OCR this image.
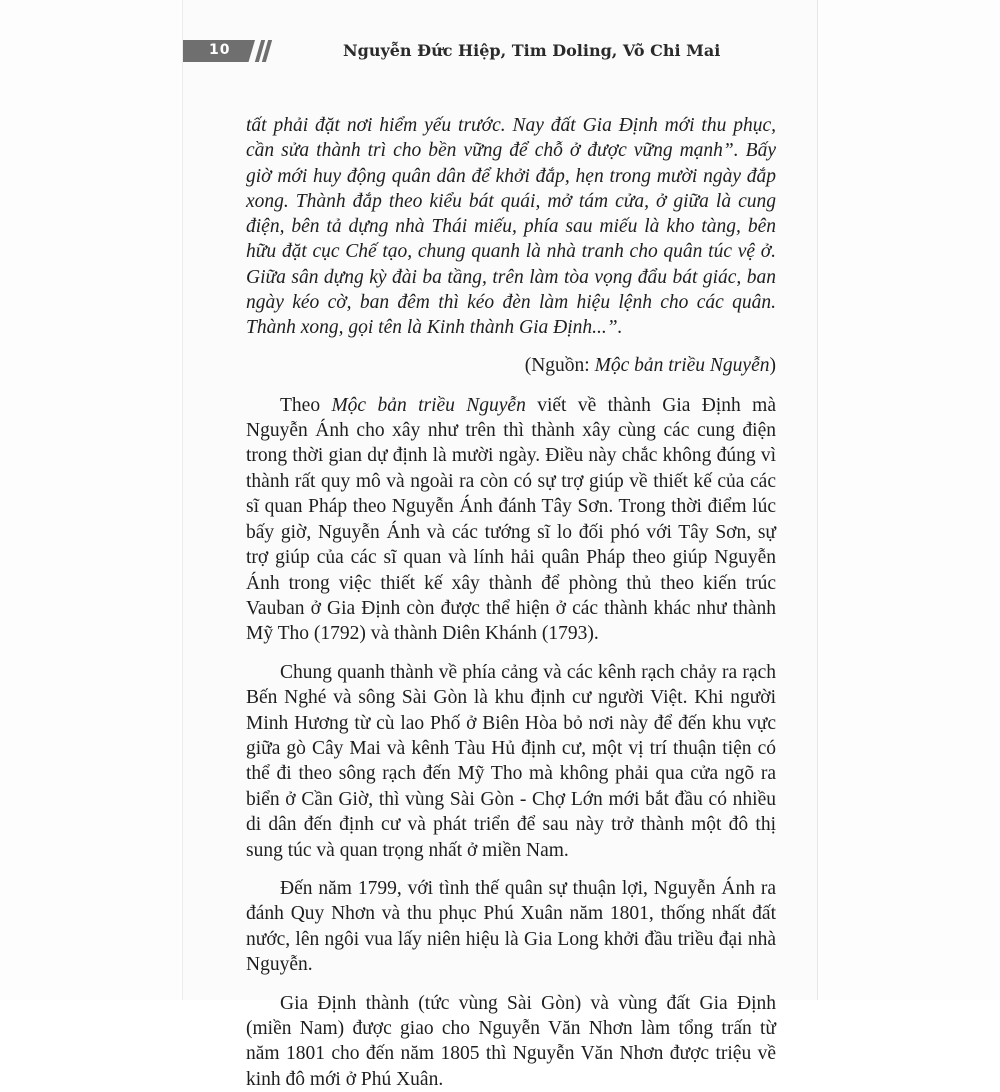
10	Nguyễn Đức Hiệp, Tim Doling, Võ Chi Mai

tất phải đặt nơi hiểm yếu trước. Nay đất Gia Định mới thu phục, cần sửa thành trì cho bền vững để chỗ ở được vững mạnh”. Bấy giờ mới huy động quân dân để khởi đắp, hẹn trong mười ngày đắp xong. Thành đắp theo kiểu bát quái, mở tám cửa, ở giữa là cung điện, bên tả dựng nhà Thái miếu, phía sau miếu là kho tàng, bên hữu đặt cục Chế tạo, chung quanh là nhà tranh cho quân túc vệ ở. Giữa sân dựng kỳ đài ba tầng, trên làm tòa vọng đẩu bát giác, ban ngày kéo cờ, ban đêm thì kéo đèn làm hiệu lệnh cho các quân. Thành xong, gọi tên là Kinh thành Gia Định...”.

(Nguồn: Mộc bản triều Nguyễn)

Theo Mộc bản triều Nguyễn viết về thành Gia Định mà Nguyễn Ánh cho xây như trên thì thành xây cùng các cung điện trong thời gian dự định là mười ngày. Điều này chắc không đúng vì thành rất quy mô và ngoài ra còn có sự trợ giúp về thiết kế của các sĩ quan Pháp theo Nguyễn Ánh đánh Tây Sơn. Trong thời điểm lúc bấy giờ, Nguyễn Ánh và các tướng sĩ lo đối phó với Tây Sơn, sự trợ giúp của các sĩ quan và lính hải quân Pháp theo giúp Nguyễn Ánh trong việc thiết kế xây thành để phòng thủ theo kiến trúc Vauban ở Gia Định còn được thể hiện ở các thành khác như thành Mỹ Tho (1792) và thành Diên Khánh (1793).

Chung quanh thành về phía cảng và các kênh rạch chảy ra rạch Bến Nghé và sông Sài Gòn là khu định cư người Việt. Khi người Minh Hương từ cù lao Phố ở Biên Hòa bỏ nơi này để đến khu vực giữa gò Cây Mai và kênh Tàu Hủ định cư, một vị trí thuận tiện có thể đi theo sông rạch đến Mỹ Tho mà không phải qua cửa ngõ ra biển ở Cần Giờ, thì vùng Sài Gòn - Chợ Lớn mới bắt đầu có nhiều di dân đến định cư và phát triển để sau này trở thành một đô thị sung túc và quan trọng nhất ở miền Nam.

Đến năm 1799, với tình thế quân sự thuận lợi, Nguyễn Ánh ra đánh Quy Nhơn và thu phục Phú Xuân năm 1801, thống nhất đất nước, lên ngôi vua lấy niên hiệu là Gia Long khởi đầu triều đại nhà Nguyễn.

Gia Định thành (tức vùng Sài Gòn) và vùng đất Gia Định (miền Nam) được giao cho Nguyễn Văn Nhơn làm tổng trấn từ năm 1801 cho đến năm 1805 thì Nguyễn Văn Nhơn được triệu về kinh đô mới ở Phú Xuân.
